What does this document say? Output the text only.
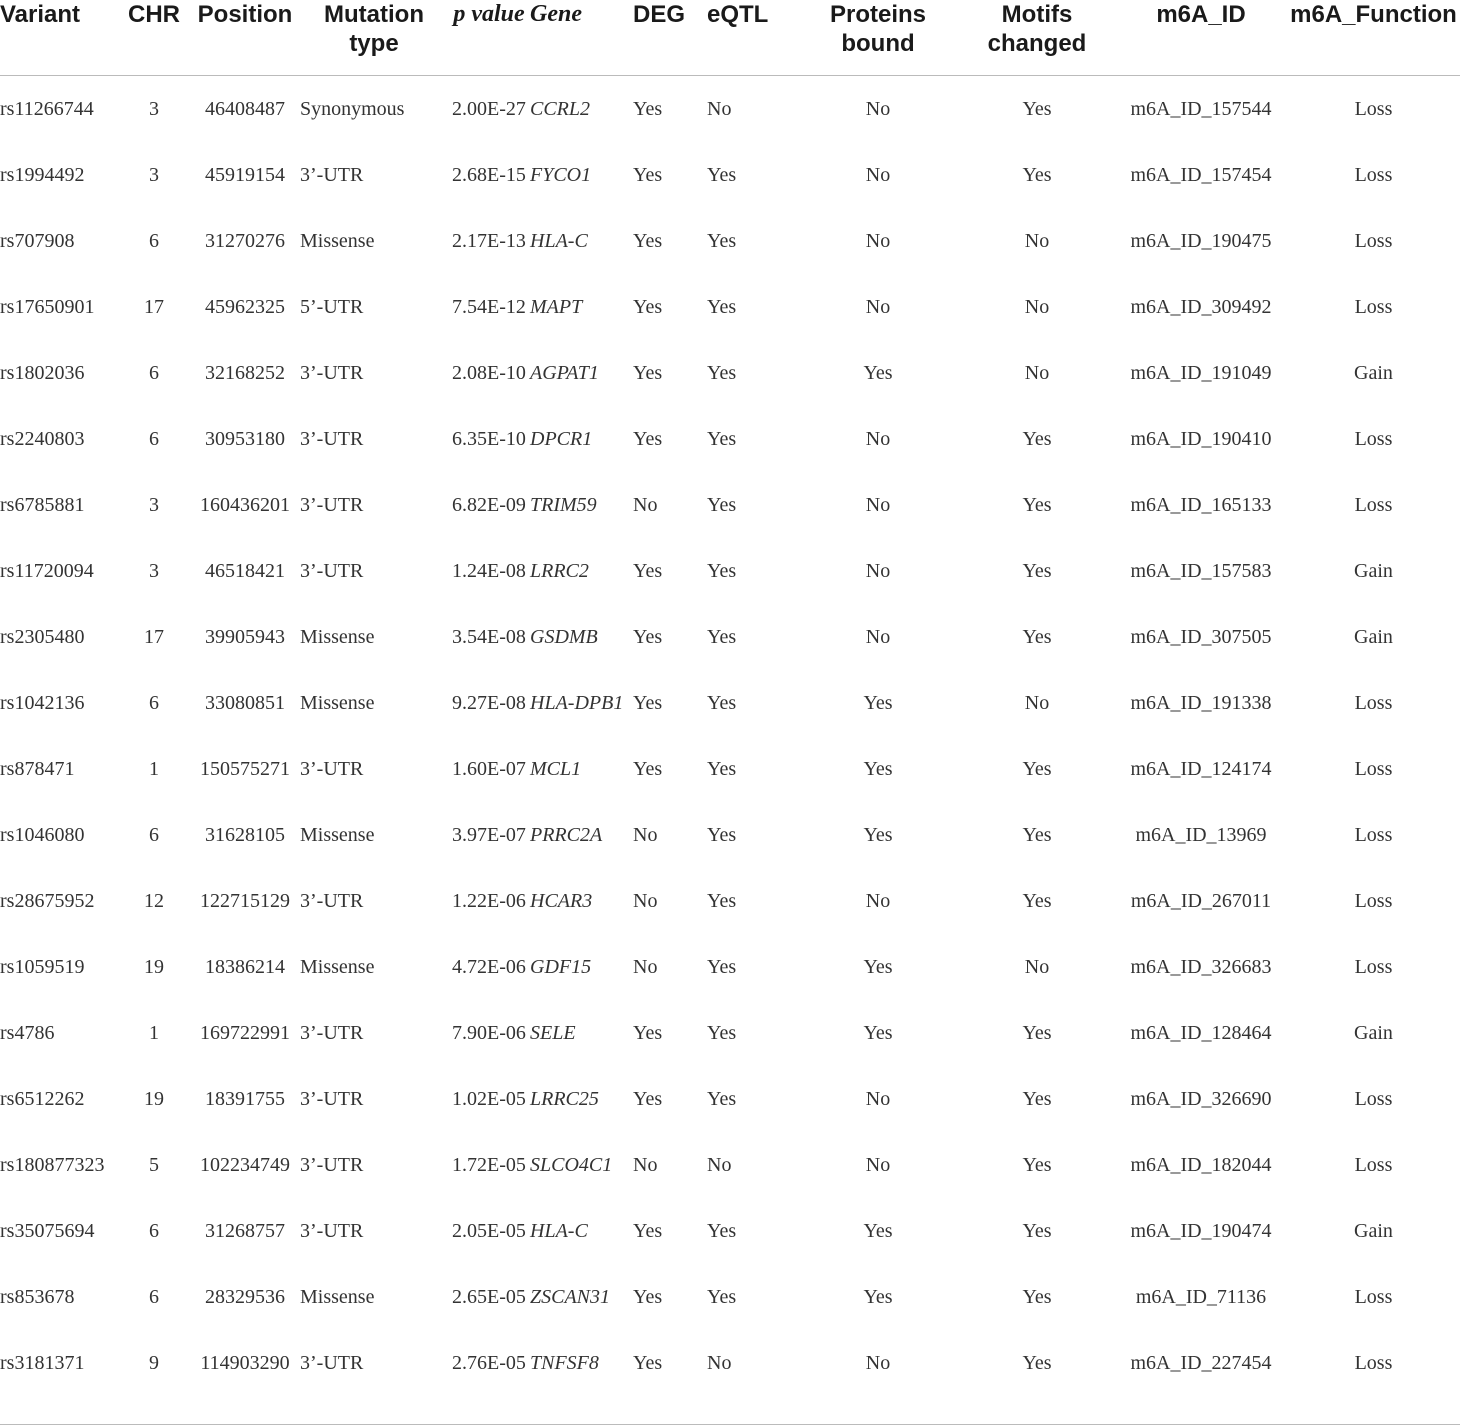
Variant	CHR	Position	Mutation type	p value	Gene	DEG	eQTL	Proteins bound	Motifs changed	m6A_ID	m6A_Function
rs11266744	3	46408487	Synonymous	2.00E-27	CCRL2	Yes	No	No	Yes	m6A_ID_157544	Loss
rs1994492	3	45919154	3’-UTR	2.68E-15	FYCO1	Yes	Yes	No	Yes	m6A_ID_157454	Loss
rs707908	6	31270276	Missense	2.17E-13	HLA-C	Yes	Yes	No	No	m6A_ID_190475	Loss
rs17650901	17	45962325	5’-UTR	7.54E-12	MAPT	Yes	Yes	No	No	m6A_ID_309492	Loss
rs1802036	6	32168252	3’-UTR	2.08E-10	AGPAT1	Yes	Yes	Yes	No	m6A_ID_191049	Gain
rs2240803	6	30953180	3’-UTR	6.35E-10	DPCR1	Yes	Yes	No	Yes	m6A_ID_190410	Loss
rs6785881	3	160436201	3’-UTR	6.82E-09	TRIM59	No	Yes	No	Yes	m6A_ID_165133	Loss
rs11720094	3	46518421	3’-UTR	1.24E-08	LRRC2	Yes	Yes	No	Yes	m6A_ID_157583	Gain
rs2305480	17	39905943	Missense	3.54E-08	GSDMB	Yes	Yes	No	Yes	m6A_ID_307505	Gain
rs1042136	6	33080851	Missense	9.27E-08	HLA-DPB1	Yes	Yes	Yes	No	m6A_ID_191338	Loss
rs878471	1	150575271	3’-UTR	1.60E-07	MCL1	Yes	Yes	Yes	Yes	m6A_ID_124174	Loss
rs1046080	6	31628105	Missense	3.97E-07	PRRC2A	No	Yes	Yes	Yes	m6A_ID_13969	Loss
rs28675952	12	122715129	3’-UTR	1.22E-06	HCAR3	No	Yes	No	Yes	m6A_ID_267011	Loss
rs1059519	19	18386214	Missense	4.72E-06	GDF15	No	Yes	Yes	No	m6A_ID_326683	Loss
rs4786	1	169722991	3’-UTR	7.90E-06	SELE	Yes	Yes	Yes	Yes	m6A_ID_128464	Gain
rs6512262	19	18391755	3’-UTR	1.02E-05	LRRC25	Yes	Yes	No	Yes	m6A_ID_326690	Loss
rs180877323	5	102234749	3’-UTR	1.72E-05	SLCO4C1	No	No	No	Yes	m6A_ID_182044	Loss
rs35075694	6	31268757	3’-UTR	2.05E-05	HLA-C	Yes	Yes	Yes	Yes	m6A_ID_190474	Gain
rs853678	6	28329536	Missense	2.65E-05	ZSCAN31	Yes	Yes	Yes	Yes	m6A_ID_71136	Loss
rs3181371	9	114903290	3’-UTR	2.76E-05	TNFSF8	Yes	No	No	Yes	m6A_ID_227454	Loss
